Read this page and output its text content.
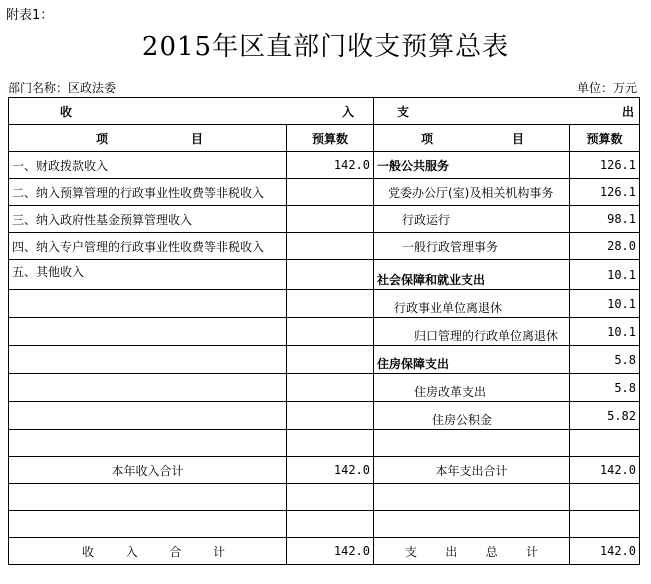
附表1：
2015年区直部门收支预算总表
部门名称：区政法委	单位：万元
收 入		支 出	

项 目	预算数	项 目	预算数
一、财政拨款收入	142.0	一般公共服务	126.1
二、纳入预算管理的行政事业性收费等非税收入		党委办公厅(室)及相关机构事务	126.1
三、纳入政府性基金预算管理收入		行政运行	98.1
四、纳入专户管理的行政事业性收费等非税收入		一般行政管理事务	28.0
五、其他收入		社会保障和就业支出	10.1
		行政事业单位离退休	10.1
		归口管理的行政单位离退休	10.1
		住房保障支出	5.8
		住房改革支出	5.8
		住房公积金	5.82

本年收入合计	142.0	本年支出合计	142.0

收 入 合 计	142.0	支 出 总 计	142.0
